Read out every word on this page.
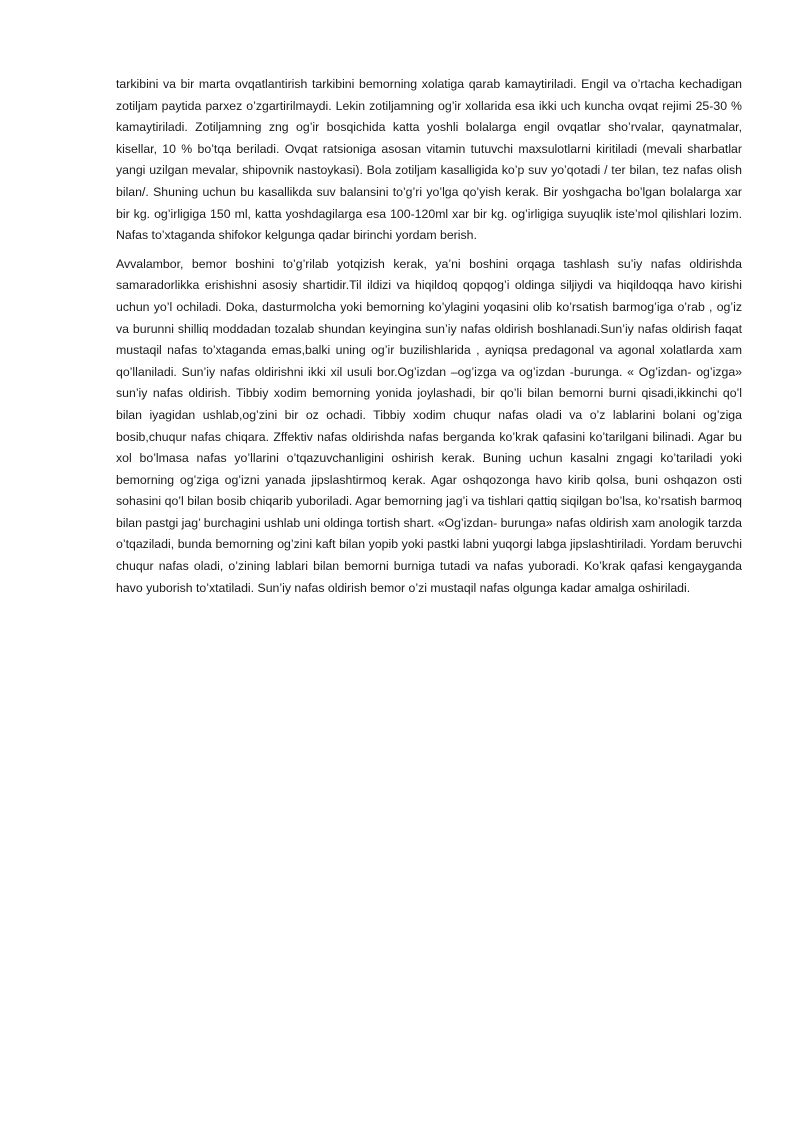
tarkibini va bir marta ovqatlantirish tarkibini bemorning xolatiga qarab kamaytiriladi. Engil va o’rtacha kechadigan zotiljam paytida parxez o’zgartirilmaydi. Lekin zotiljamning og’ir xollarida esa ikki uch kuncha ovqat rejimi 25-30 % kamaytiriladi. Zotiljamning zng og’ir bosqichida katta yoshli bolalarga engil ovqatlar sho’rvalar, qaynatmalar, kisellar, 10 % bo’tqa beriladi. Ovqat ratsioniga asosan vitamin tutuvchi maxsulotlarni kiritiladi (mevali sharbatlar yangi uzilgan mevalar, shipovnik nastoykasi). Bola zotiljam kasalligida ko’p suv yo’qotadi / ter bilan, tez nafas olish bilan/. Shuning uchun bu kasallikda suv balansini to’g’ri yo’lga qo’yish kerak. Bir yoshgacha bo’lgan bolalarga xar bir kg. og’irligiga 150 ml, katta yoshdagilarga esa 100-120ml xar bir kg. og’irligiga suyuqlik iste’mol qilishlari lozim. Nafas to’xtaganda shifokor kelgunga qadar birinchi yordam berish.

Avvalambor, bemor boshini to’g’rilab yotqizish kerak, ya’ni boshini orqaga tashlash su’iy nafas oldirishda samaradorlikka erishishni asosiy shartidir.Til ildizi va hiqildoq qopqog’i oldinga siljiydi va hiqildoqqa havo kirishi uchun yo’l ochiladi. Doka, dasturmolcha yoki bemorning ko’ylagini yoqasini olib ko’rsatish barmog’iga o’rab , og’iz va burunni shilliq moddadan tozalab shundan keyingina sun’iy nafas oldirish boshlanadi.Sun’iy nafas oldirish faqat mustaqil nafas to’xtaganda emas,balki uning og’ir buzilishlarida , ayniqsa predagonal va agonal xolatlarda xam qo’llaniladi. Sun’iy nafas oldirishni ikki xil usuli bor.Og’izdan –og’izga va og’izdan -burunga. « Og’izdan- og’izga» sun’iy nafas oldirish. Tibbiy xodim bemorning yonida joylashadi, bir qo’li bilan bemorni burni qisadi,ikkinchi qo’l bilan iyagidan ushlab,og’zini bir oz ochadi. Tibbiy xodim chuqur nafas oladi va o’z lablarini bolani og’ziga bosib,chuqur nafas chiqara. Zffektiv nafas oldirishda nafas berganda ko’krak qafasini ko’tarilgani bilinadi. Agar bu xol bo’lmasa nafas yo’llarini o’tqazuvchanligini oshirish kerak. Buning uchun kasalni zngagi ko’tariladi yoki bemorning og’ziga og’izni yanada jipslashtirmoq kerak. Agar oshqozonga havo kirib qolsa, buni oshqazon osti sohasini qo’l bilan bosib chiqarib yuboriladi. Agar bemorning jag’i va tishlari qattiq siqilgan bo’lsa, ko’rsatish barmoq bilan pastgi jag’ burchagini ushlab uni oldinga tortish shart. «Og’izdan- burunga» nafas oldirish xam anologik tarzda o’tqaziladi, bunda bemorning og’zini kaft bilan yopib yoki pastki labni yuqorgi labga jipslashtiriladi. Yordam beruvchi chuqur nafas oladi, o’zining lablari bilan bemorni burniga tutadi va nafas yuboradi. Ko’krak qafasi kengayganda havo yuborish to’xtatiladi. Sun’iy nafas oldirish bemor o’zi mustaqil nafas olgunga kadar amalga oshiriladi.
